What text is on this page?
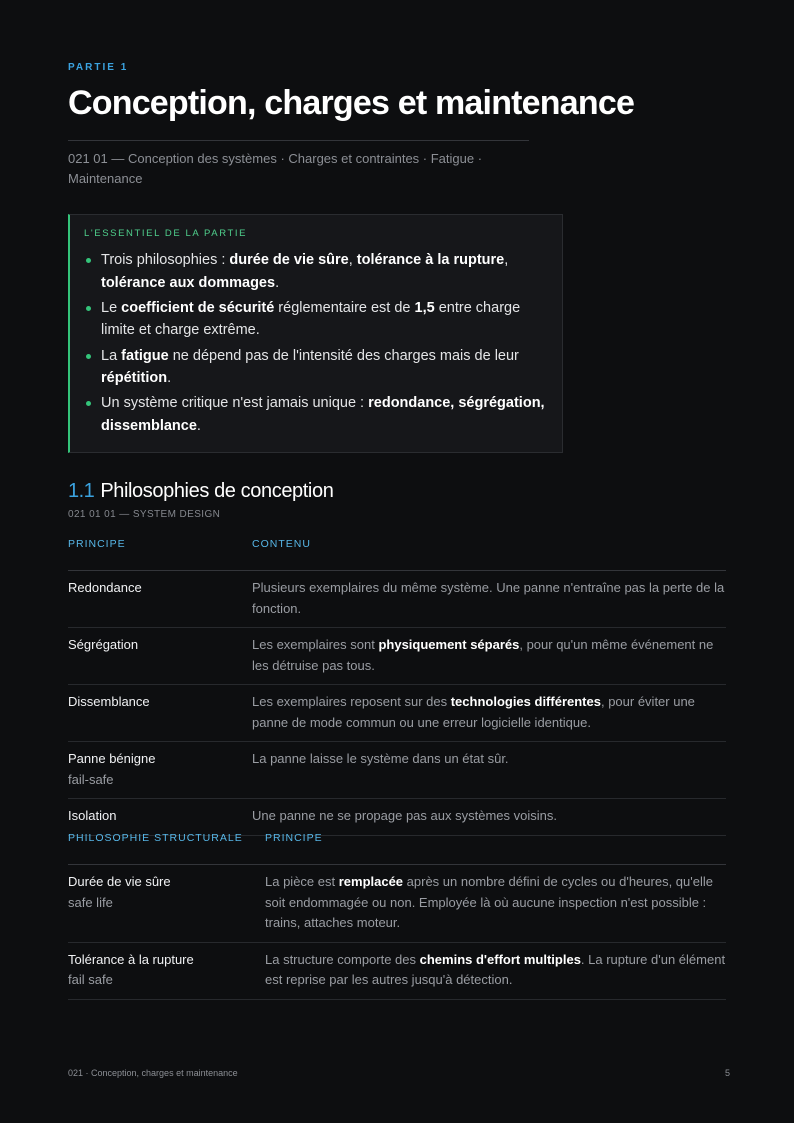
PARTIE 1
Conception, charges et maintenance
021 01 — Conception des systèmes · Charges et contraintes · Fatigue · Maintenance
L'ESSENTIEL DE LA PARTIE
Trois philosophies : durée de vie sûre, tolérance à la rupture, tolérance aux dommages.
Le coefficient de sécurité réglementaire est de 1,5 entre charge limite et charge extrême.
La fatigue ne dépend pas de l'intensité des charges mais de leur répétition.
Un système critique n'est jamais unique : redondance, ségrégation, dissemblance.
1.1 Philosophies de conception
021 01 01 — SYSTEM DESIGN
PRINCIPE	CONTENU
Redondance	Plusieurs exemplaires du même système. Une panne n'entraîne pas la perte de la fonction.
Ségrégation	Les exemplaires sont physiquement séparés, pour qu'un même événement ne les détruise pas tous.
Dissemblance	Les exemplaires reposent sur des technologies différentes, pour éviter une panne de mode commun ou une erreur logicielle identique.
Panne bénigne
fail-safe	La panne laisse le système dans un état sûr.
Isolation	Une panne ne se propage pas aux systèmes voisins.
PHILOSOPHIE STRUCTURALE	PRINCIPE
Durée de vie sûre
safe life	La pièce est remplacée après un nombre défini de cycles ou d'heures, qu'elle soit endommagée ou non. Employée là où aucune inspection n'est possible : trains, attaches moteur.
Tolérance à la rupture
fail safe	La structure comporte des chemins d'effort multiples. La rupture d'un élément est reprise par les autres jusqu'à détection.
021 · Conception, charges et maintenance	5
